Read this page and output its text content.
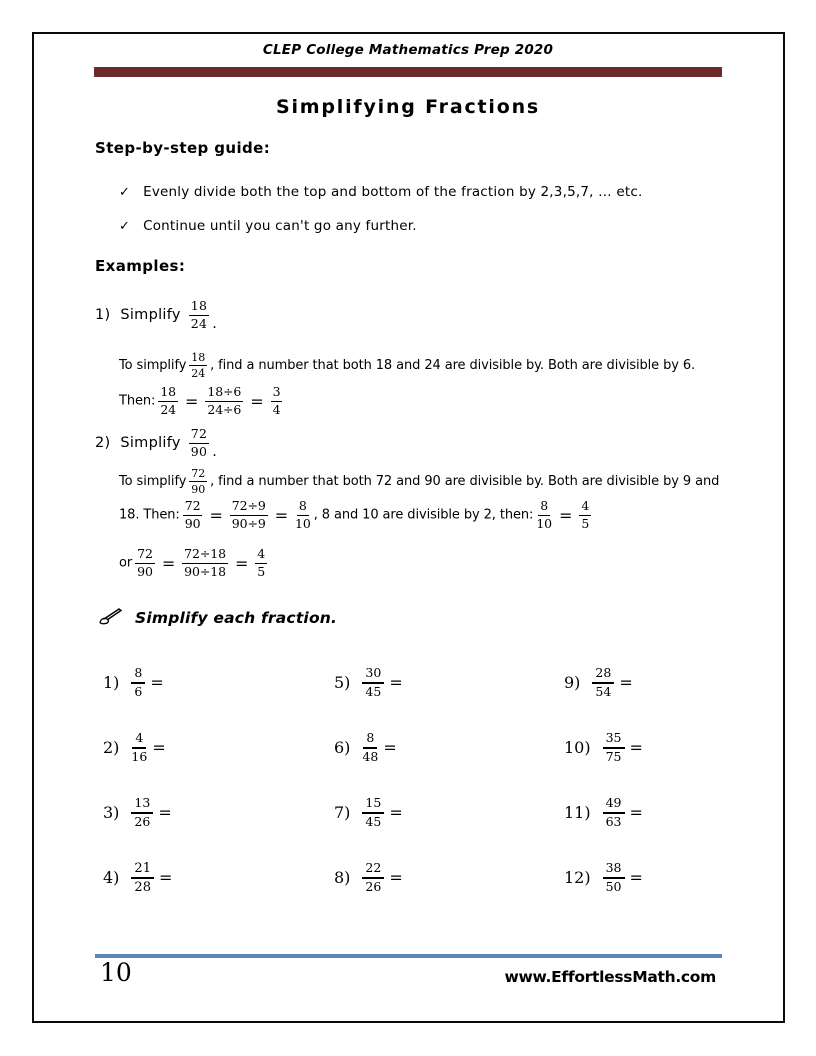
CLEP College Mathematics Prep 2020
Simplifying Fractions
Step-by-step guide:
✓ Evenly divide both the top and bottom of the fraction by 2,3,5,7, … etc.
✓ Continue until you can't go any further.
Examples:
1) Simplify $\frac{18}{24}$ .
To simplify $\frac{18}{24}$ , find a number that both 18 and 24 are divisible by. Both are divisible by 6.
Then: $\frac{18}{24} = \frac{18\div 6}{24\div 6} = \frac{3}{4}$
2) Simplify $\frac{72}{90}$ .
To simplify $\frac{72}{90}$ , find a number that both 72 and 90 are divisible by. Both are divisible by 9 and
18. Then: $\frac{72}{90} = \frac{72\div 9}{90\div 9} = \frac{8}{10}$ , 8 and 10 are divisible by 2, then: $\frac{8}{10} = \frac{4}{5}$
or $\frac{72}{90} = \frac{72\div 18}{90\div 18} = \frac{4}{5}$
Simplify each fraction.
$1) \frac{8}{6}$ =	$5) \frac{30}{45}$ =	$9) \frac{28}{54}$ =
$2) \frac{4}{16}$ =	$6) \frac{8}{48}$ =	$10) \frac{35}{75}$ =
$3) \frac{13}{26}$ =	$7) \frac{15}{45}$ =	$11) \frac{49}{63}$ =
$4) \frac{21}{28}$ =	$8) \frac{22}{26}$ =	$12) \frac{38}{50}$ =
10	www.EffortlessMath.com
